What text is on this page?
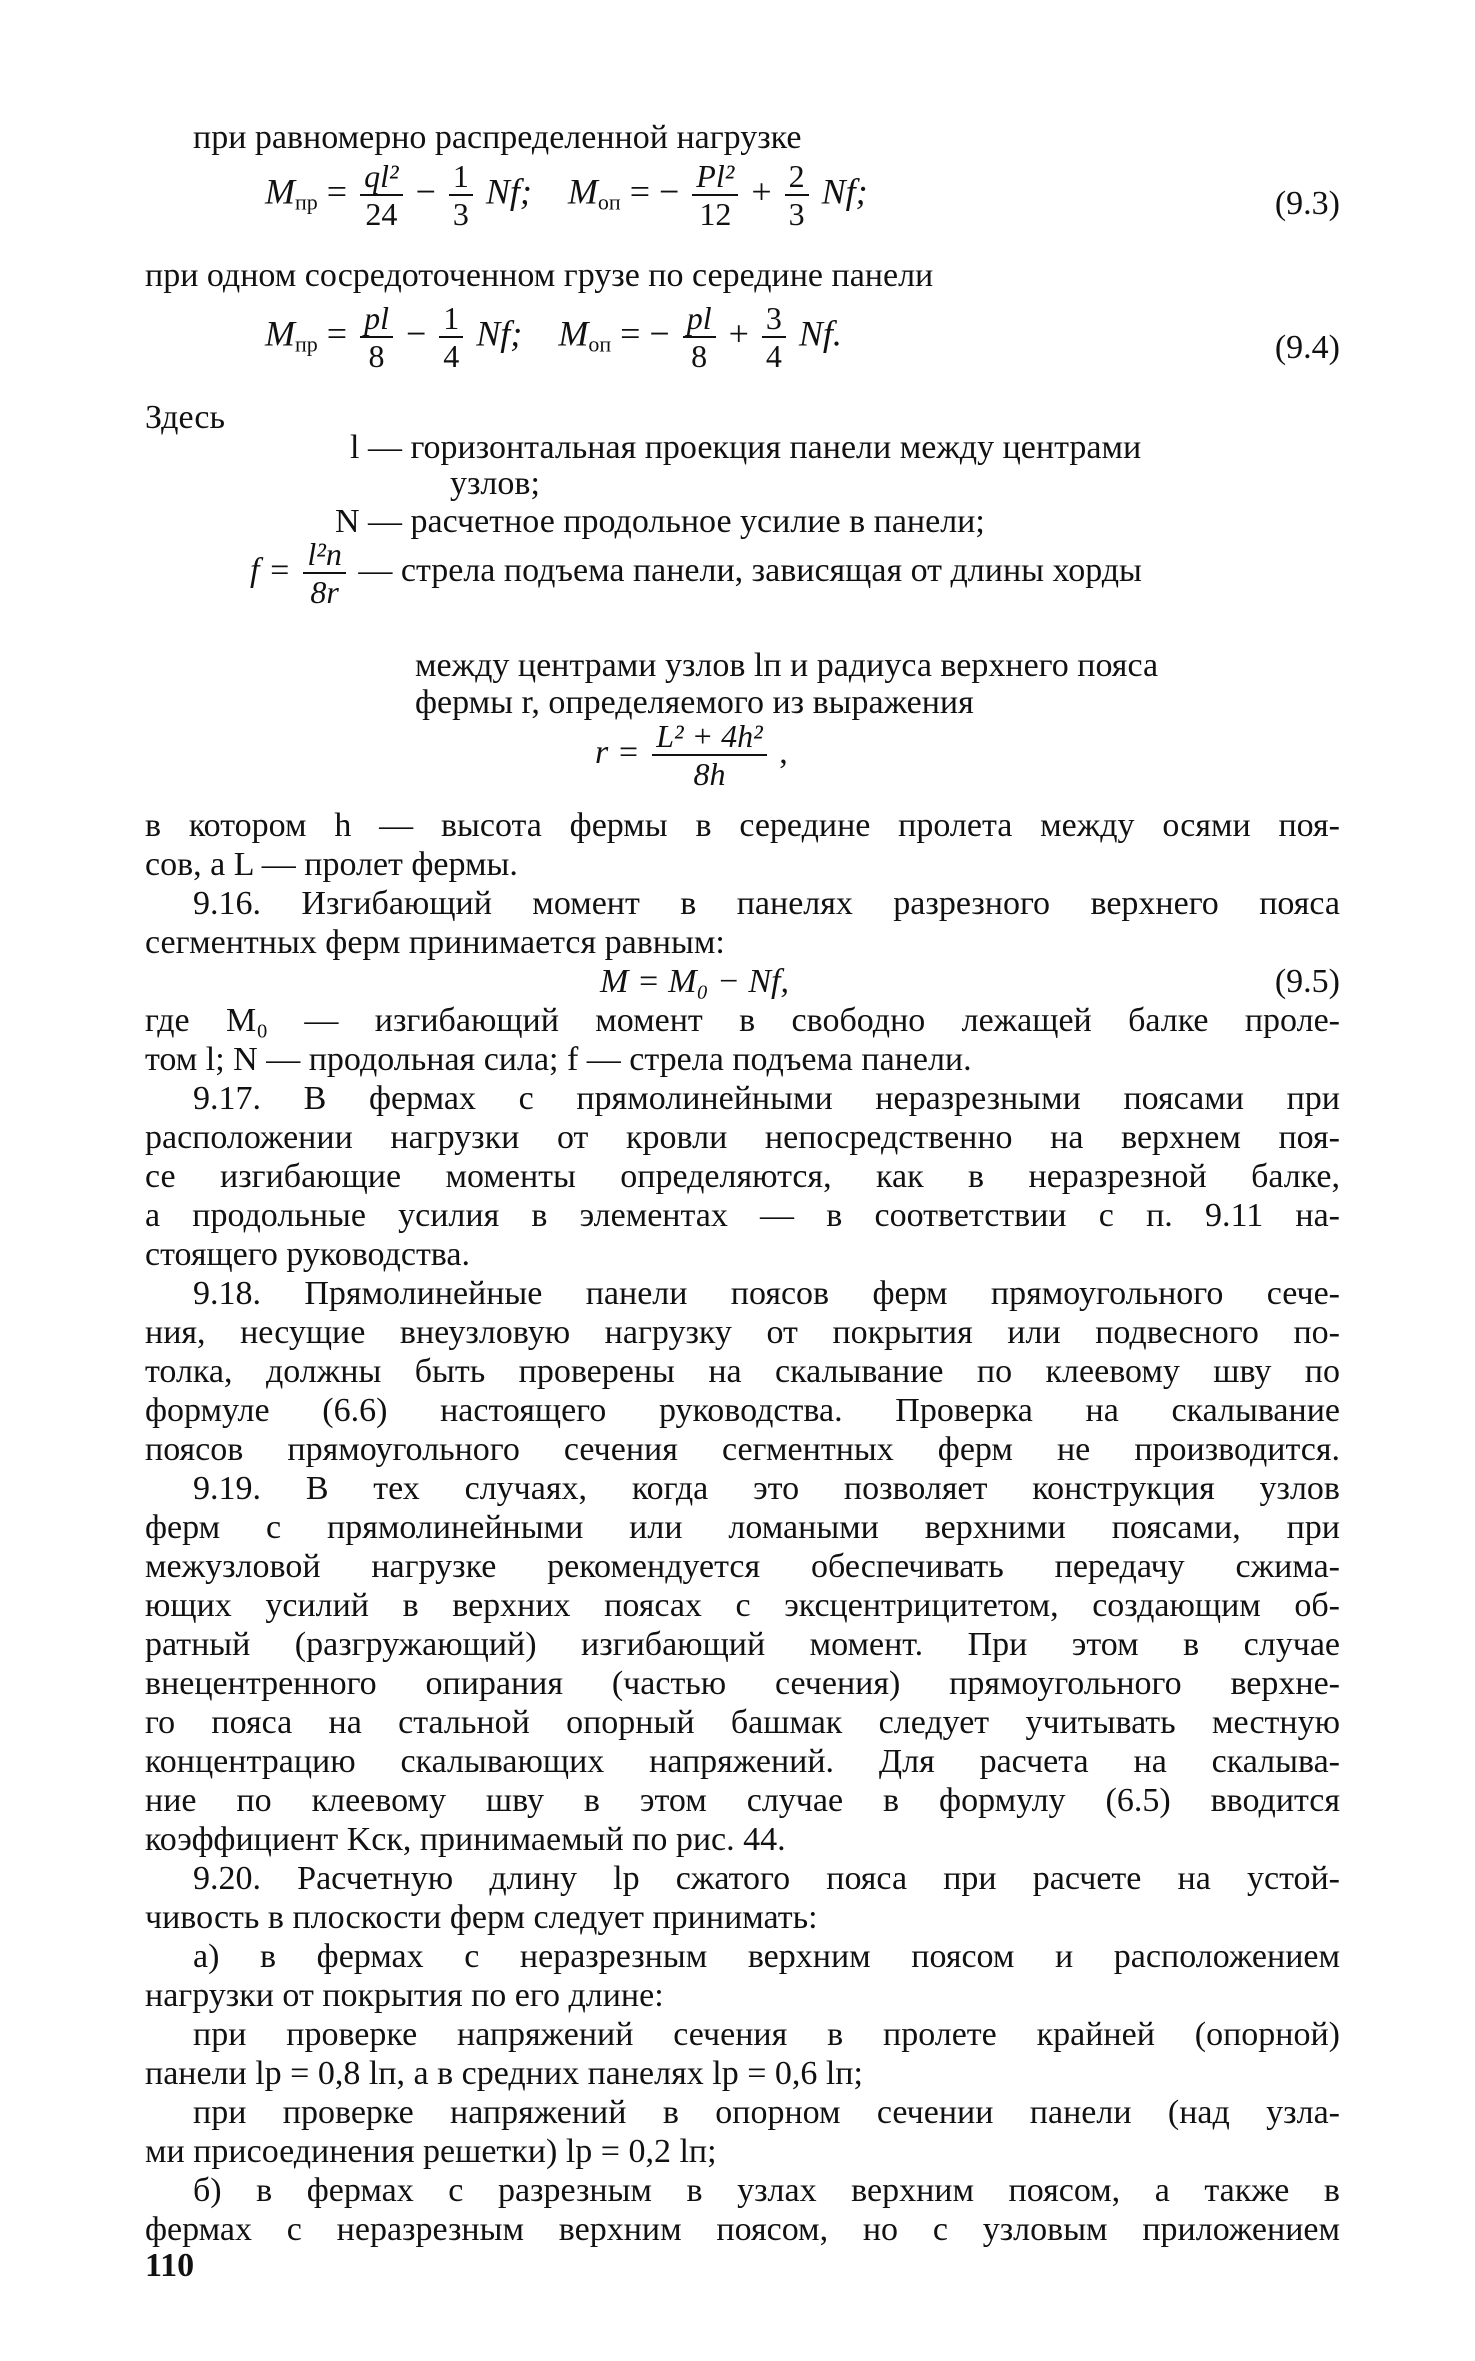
при равномерно распределенной нагрузке
$M_{пр} = \frac{\text{ql²}}{24} - \frac{1}{3} Nf$; $M_{оп}$ = − $\frac{\text{Pl²}}{12} + \frac{2}{3} Nf$;	(9.3)
при одном сосредоточенном грузе по середине панели
$M_{пр} = \frac{pl}{8} - \frac{1}{4} Nf$; $M_{оп}$ = − $\frac{pl}{8} + \frac{3}{4} Nf$.	(9.4)
Здесь
l — горизонтальная проекция панели между центрами
узлов;
N — расчетное продольное усилие в панели;
$f = \frac{\text{l²п}}{8r}$ — стрела подъема панели, зависящая от длины хорды
между центрами узлов lп и радиуса верхнего пояса
фермы r, определяемого из выражения
$r = \frac{\text{L² + 4h²}}{8h}$ ,
в котором h — высота фермы в середине пролета между осями поя-
сов, а L — пролет фермы.
9.16. Изгибающий момент в панелях разрезного верхнего пояса
сегментных ферм принимается равным:
M = M₀ − Nf,	(9.5)
где M₀ — изгибающий момент в свободно лежащей балке проле-
том l; N — продольная сила; f — стрела подъема панели.
9.17. В фермах с прямолинейными неразрезными поясами при
расположении нагрузки от кровли непосредственно на верхнем поя-
се изгибающие моменты определяются, как в неразрезной балке,
а продольные усилия в элементах — в соответствии с п. 9.11 на-
стоящего руководства.
9.18. Прямолинейные панели поясов ферм прямоугольного сече-
ния, несущие внеузловую нагрузку от покрытия или подвесного по-
толка, должны быть проверены на скалывание по клеевому шву по
формуле (6.6) настоящего руководства. Проверка на скалывание
поясов прямоугольного сечения сегментных ферм не производится.
9.19. В тех случаях, когда это позволяет конструкция узлов
ферм с прямолинейными или ломаными верхними поясами, при
межузловой нагрузке рекомендуется обеспечивать передачу сжима-
ющих усилий в верхних поясах с эксцентрицитетом, создающим об-
ратный (разгружающий) изгибающий момент. При этом в случае
внецентренного опирания (частью сечения) прямоугольного верхне-
го пояса на стальной опорный башмак следует учитывать местную
концентрацию скалывающих напряжений. Для расчета на скалыва-
ние по клеевому шву в этом случае в формулу (6.5) вводится
коэффициент Kск, принимаемый по рис. 44.
9.20. Расчетную длину lр сжатого пояса при расчете на устой-
чивость в плоскости ферм следует принимать:
а) в фермах с неразрезным верхним поясом и расположением
нагрузки от покрытия по его длине:
при проверке напряжений сечения в пролете крайней (опорной)
панели lр = 0,8 lп, а в средних панелях lр = 0,6 lп;
при проверке напряжений в опорном сечении панели (над узла-
ми присоединения решетки) lр = 0,2 lп;
б) в фермах с разрезным в узлах верхним поясом, а также в
фермах с неразрезным верхним поясом, но с узловым приложением
110
